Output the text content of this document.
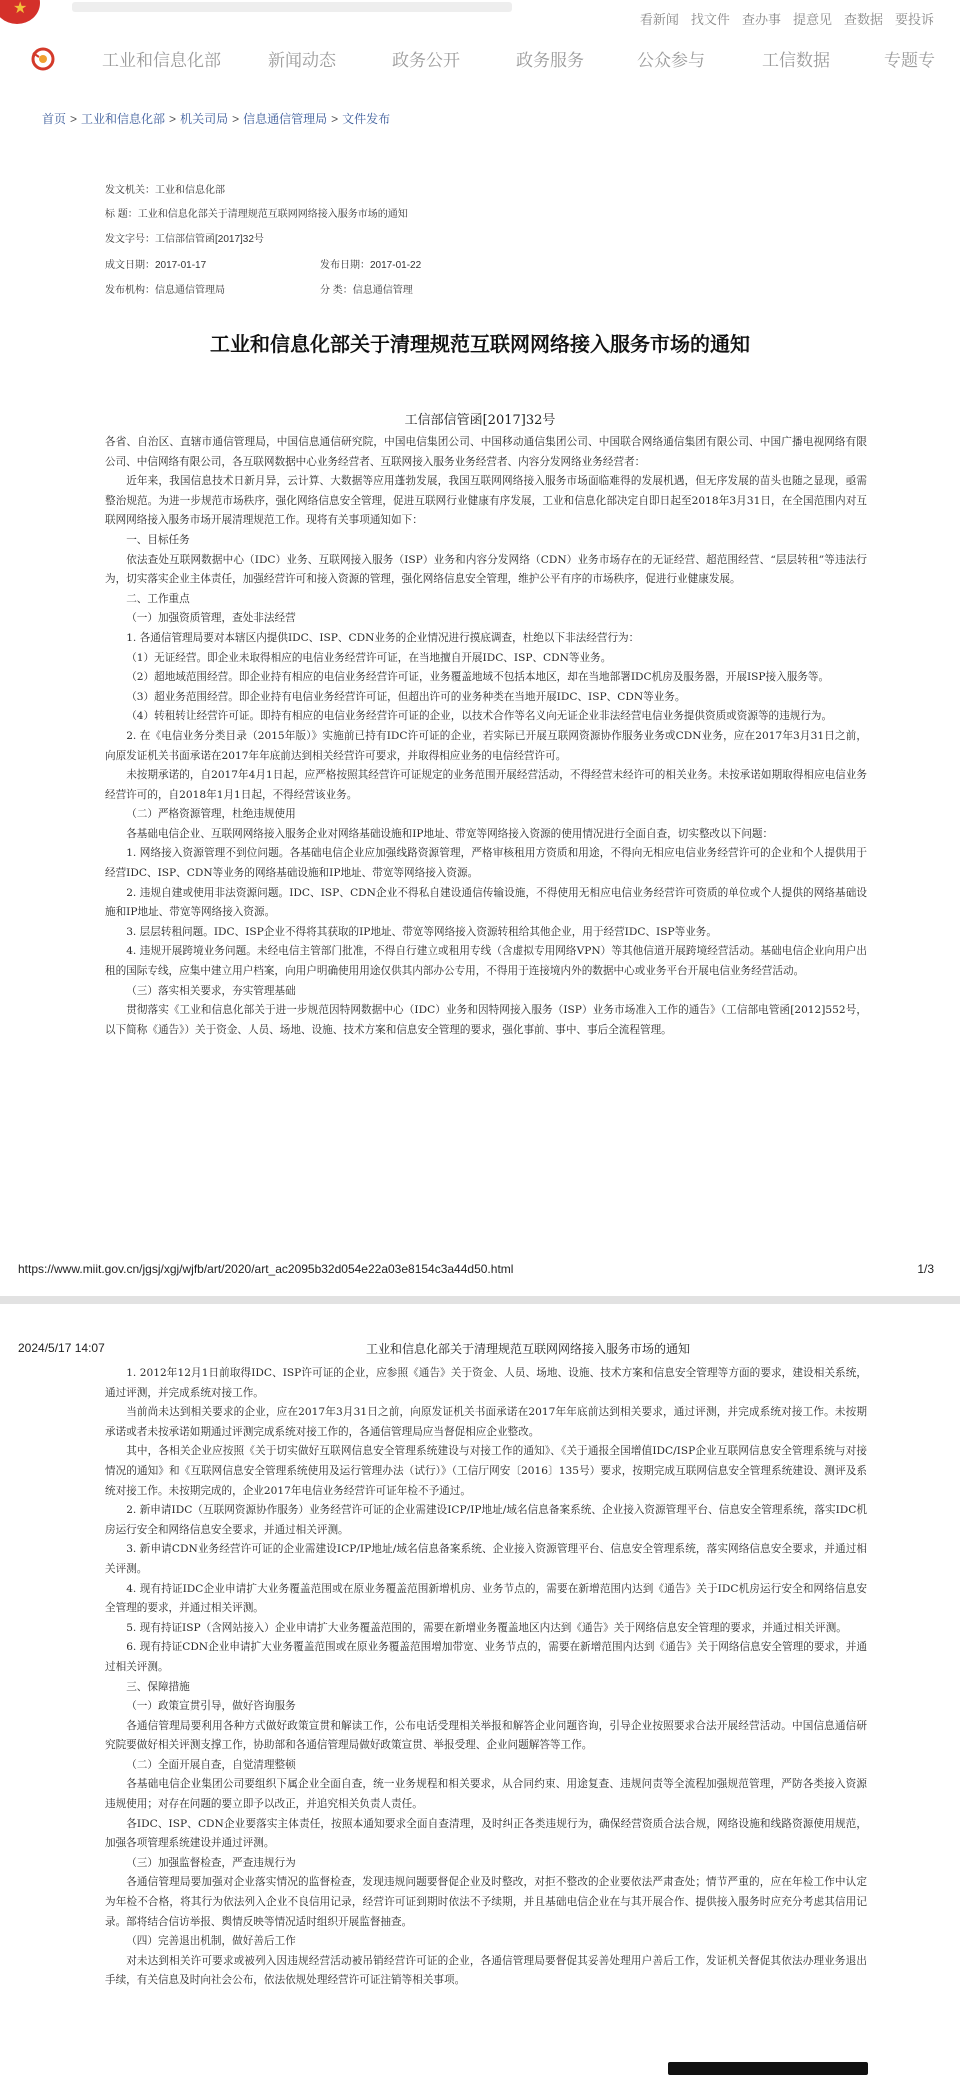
★
看新闻 找文件 查办事 提意见 查数据 要投诉
工业和信息化部	新闻动态	政务公开	政务服务	公众参与	工信数据	专题专
首页 > 工业和信息化部 > 机关司局 > 信息通信管理局 > 文件发布
发文机关：工业和信息化部
标 题：工业和信息化部关于清理规范互联网网络接入服务市场的通知
发文字号：工信部信管函[2017]32号
成文日期：2017-01-17	发布日期：2017-01-22
发布机构：信息通信管理局	分 类：信息通信管理
工业和信息化部关于清理规范互联网网络接入服务市场的通知
工信部信管函[2017]32号

各省、自治区、直辖市通信管理局，中国信息通信研究院，中国电信集团公司、中国移动通信集团公司、中国联合网络通信集团有限公司、中国广播电视网络有限公司、中信网络有限公司，各互联网数据中心业务经营者、互联网接入服务业务经营者、内容分发网络业务经营者：

近年来，我国信息技术日新月异，云计算、大数据等应用蓬勃发展，我国互联网网络接入服务市场面临难得的发展机遇，但无序发展的苗头也随之显现，亟需整治规范。为进一步规范市场秩序，强化网络信息安全管理，促进互联网行业健康有序发展，工业和信息化部决定自即日起至2018年3月31日，在全国范围内对互联网网络接入服务市场开展清理规范工作。现将有关事项通知如下：

一、目标任务

依法查处互联网数据中心（IDC）业务、互联网接入服务（ISP）业务和内容分发网络（CDN）业务市场存在的无证经营、超范围经营、“层层转租”等违法行为，切实落实企业主体责任，加强经营许可和接入资源的管理，强化网络信息安全管理，维护公平有序的市场秩序，促进行业健康发展。

二、工作重点

（一）加强资质管理，查处非法经营

1. 各通信管理局要对本辖区内提供IDC、ISP、CDN业务的企业情况进行摸底调查，杜绝以下非法经营行为：

（1）无证经营。即企业未取得相应的电信业务经营许可证，在当地擅自开展IDC、ISP、CDN等业务。

（2）超地域范围经营。即企业持有相应的电信业务经营许可证，业务覆盖地域不包括本地区，却在当地部署IDC机房及服务器，开展ISP接入服务等。

（3）超业务范围经营。即企业持有电信业务经营许可证，但超出许可的业务种类在当地开展IDC、ISP、CDN等业务。

（4）转租转让经营许可证。即持有相应的电信业务经营许可证的企业，以技术合作等名义向无证企业非法经营电信业务提供资质或资源等的违规行为。

2. 在《电信业务分类目录（2015年版）》实施前已持有IDC许可证的企业，若实际已开展互联网资源协作服务业务或CDN业务，应在2017年3月31日之前，向原发证机关书面承诺在2017年年底前达到相关经营许可要求，并取得相应业务的电信经营许可。

未按期承诺的，自2017年4月1日起，应严格按照其经营许可证规定的业务范围开展经营活动，不得经营未经许可的相关业务。未按承诺如期取得相应电信业务经营许可的，自2018年1月1日起，不得经营该业务。

（二）严格资源管理，杜绝违规使用

各基础电信企业、互联网网络接入服务企业对网络基础设施和IP地址、带宽等网络接入资源的使用情况进行全面自查，切实整改以下问题：

1. 网络接入资源管理不到位问题。各基础电信企业应加强线路资源管理，严格审核租用方资质和用途，不得向无相应电信业务经营许可的企业和个人提供用于经营IDC、ISP、CDN等业务的网络基础设施和IP地址、带宽等网络接入资源。

2. 违规自建或使用非法资源问题。IDC、ISP、CDN企业不得私自建设通信传输设施，不得使用无相应电信业务经营许可资质的单位或个人提供的网络基础设施和IP地址、带宽等网络接入资源。

3. 层层转租问题。IDC、ISP企业不得将其获取的IP地址、带宽等网络接入资源转租给其他企业，用于经营IDC、ISP等业务。

4. 违规开展跨境业务问题。未经电信主管部门批准，不得自行建立或租用专线（含虚拟专用网络VPN）等其他信道开展跨境经营活动。基础电信企业向用户出租的国际专线，应集中建立用户档案，向用户明确使用用途仅供其内部办公专用，不得用于连接境内外的数据中心或业务平台开展电信业务经营活动。

（三）落实相关要求，夯实管理基础

贯彻落实《工业和信息化部关于进一步规范因特网数据中心（IDC）业务和因特网接入服务（ISP）业务市场准入工作的通告》（工信部电管函[2012]552号，以下简称《通告》）关于资金、人员、场地、设施、技术方案和信息安全管理的要求，强化事前、事中、事后全流程管理。

https://www.miit.gov.cn/jgsj/xgj/wjfb/art/2020/art_ac2095b32d054e22a03e8154c3a44d50.html	1/3
2024/5/17 14:07	工业和信息化部关于清理规范互联网网络接入服务市场的通知

1. 2012年12月1日前取得IDC、ISP许可证的企业，应参照《通告》关于资金、人员、场地、设施、技术方案和信息安全管理等方面的要求，建设相关系统，通过评测，并完成系统对接工作。

当前尚未达到相关要求的企业，应在2017年3月31日之前，向原发证机关书面承诺在2017年年底前达到相关要求，通过评测，并完成系统对接工作。未按期承诺或者未按承诺如期通过评测完成系统对接工作的，各通信管理局应当督促相应企业整改。

其中，各相关企业应按照《关于切实做好互联网信息安全管理系统建设与对接工作的通知》、《关于通报全国增值IDC/ISP企业互联网信息安全管理系统与对接情况的通知》和《互联网信息安全管理系统使用及运行管理办法（试行）》（工信厅网安〔2016〕135号）要求，按期完成互联网信息安全管理系统建设、测评及系统对接工作。未按期完成的，企业2017年电信业务经营许可证年检不予通过。

2. 新申请IDC（互联网资源协作服务）业务经营许可证的企业需建设ICP/IP地址/域名信息备案系统、企业接入资源管理平台、信息安全管理系统，落实IDC机房运行安全和网络信息安全要求，并通过相关评测。

3. 新申请CDN业务经营许可证的企业需建设ICP/IP地址/域名信息备案系统、企业接入资源管理平台、信息安全管理系统，落实网络信息安全要求，并通过相关评测。

4. 现有持证IDC企业申请扩大业务覆盖范围或在原业务覆盖范围新增机房、业务节点的，需要在新增范围内达到《通告》关于IDC机房运行安全和网络信息安全管理的要求，并通过相关评测。

5. 现有持证ISP（含网站接入）企业申请扩大业务覆盖范围的，需要在新增业务覆盖地区内达到《通告》关于网络信息安全管理的要求，并通过相关评测。

6. 现有持证CDN企业申请扩大业务覆盖范围或在原业务覆盖范围增加带宽、业务节点的，需要在新增范围内达到《通告》关于网络信息安全管理的要求，并通过相关评测。

三、保障措施

（一）政策宣贯引导，做好咨询服务

各通信管理局要利用各种方式做好政策宣贯和解读工作，公布电话受理相关举报和解答企业问题咨询，引导企业按照要求合法开展经营活动。中国信息通信研究院要做好相关评测支撑工作，协助部和各通信管理局做好政策宣贯、举报受理、企业问题解答等工作。

（二）全面开展自查，自觉清理整顿

各基础电信企业集团公司要组织下属企业全面自查，统一业务规程和相关要求，从合同约束、用途复查、违规问责等全流程加强规范管理，严防各类接入资源违规使用；对存在问题的要立即予以改正，并追究相关负责人责任。

各IDC、ISP、CDN企业要落实主体责任，按照本通知要求全面自查清理，及时纠正各类违规行为，确保经营资质合法合规，网络设施和线路资源使用规范，加强各项管理系统建设并通过评测。

（三）加强监督检查，严查违规行为

各通信管理局要加强对企业落实情况的监督检查，发现违规问题要督促企业及时整改，对拒不整改的企业要依法严肃查处；情节严重的，应在年检工作中认定为年检不合格，将其行为依法列入企业不良信用记录，经营许可证到期时依法不予续期，并且基础电信企业在与其开展合作、提供接入服务时应充分考虑其信用记录。部将结合信访举报、舆情反映等情况适时组织开展监督抽查。

（四）完善退出机制，做好善后工作

对未达到相关许可要求或被列入因违规经营活动被吊销经营许可证的企业，各通信管理局要督促其妥善处理用户善后工作，发证机关督促其依法办理业务退出手续，有关信息及时向社会公布，依法依规处理经营许可证注销等相关事项。
